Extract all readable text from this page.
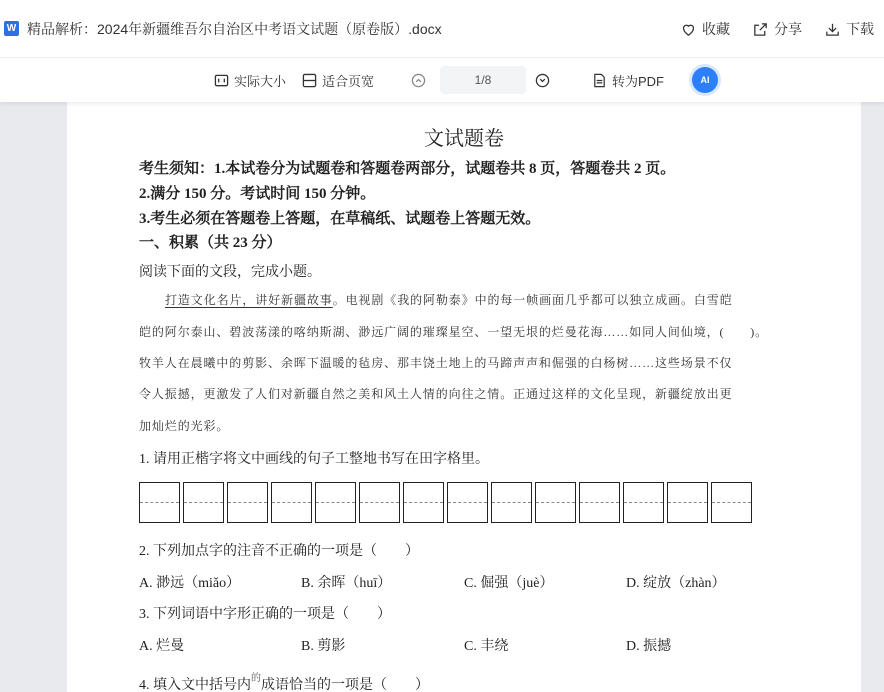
W 精品解析：2024年新疆维吾尔自治区中考语文试题（原卷版）.docx	收藏	分享	下载
实际大小	适合页宽	1/8	转为PDF	AI
文试题卷
考生须知：1.本试卷分为试题卷和答题卷两部分，试题卷共 8 页，答题卷共 2 页。
2.满分 150 分。考试时间 150 分钟。
3.考生必须在答题卷上答题，在草稿纸、试题卷上答题无效。
一、积累（共 23 分）
阅读下面的文段，完成小题。
打造文化名片，讲好新疆故事。电视剧《我的阿勒泰》中的每一帧画面几乎都可以独立成画。白雪皑
皑的阿尔泰山、碧波荡漾的喀纳斯湖、渺远广阔的璀璨星空、一望无垠的烂曼花海……如同人间仙境，(　　)。
牧羊人在晨曦中的剪影、余晖下温暖的毡房、那丰饶土地上的马蹄声声和倔强的白杨树……这些场景不仅
令人振撼，更激发了人们对新疆自然之美和风土人情的向往之情。正通过这样的文化呈现，新疆绽放出更
加灿烂的光彩。
1. 请用正楷字将文中画线的句子工整地书写在田字格里。
2. 下列加点字的注音不正确的一项是（　　）
A. 渺远（miǎo）	B. 余晖（huī）	C. 倔强（juè）	D. 绽放（zhàn）
3. 下列词语中字形正确的一项是（　　）
A. 烂曼	B. 剪影	C. 丰绕	D. 振撼
4. 填入文中括号内$^的$成语恰当的一项是（　　）
